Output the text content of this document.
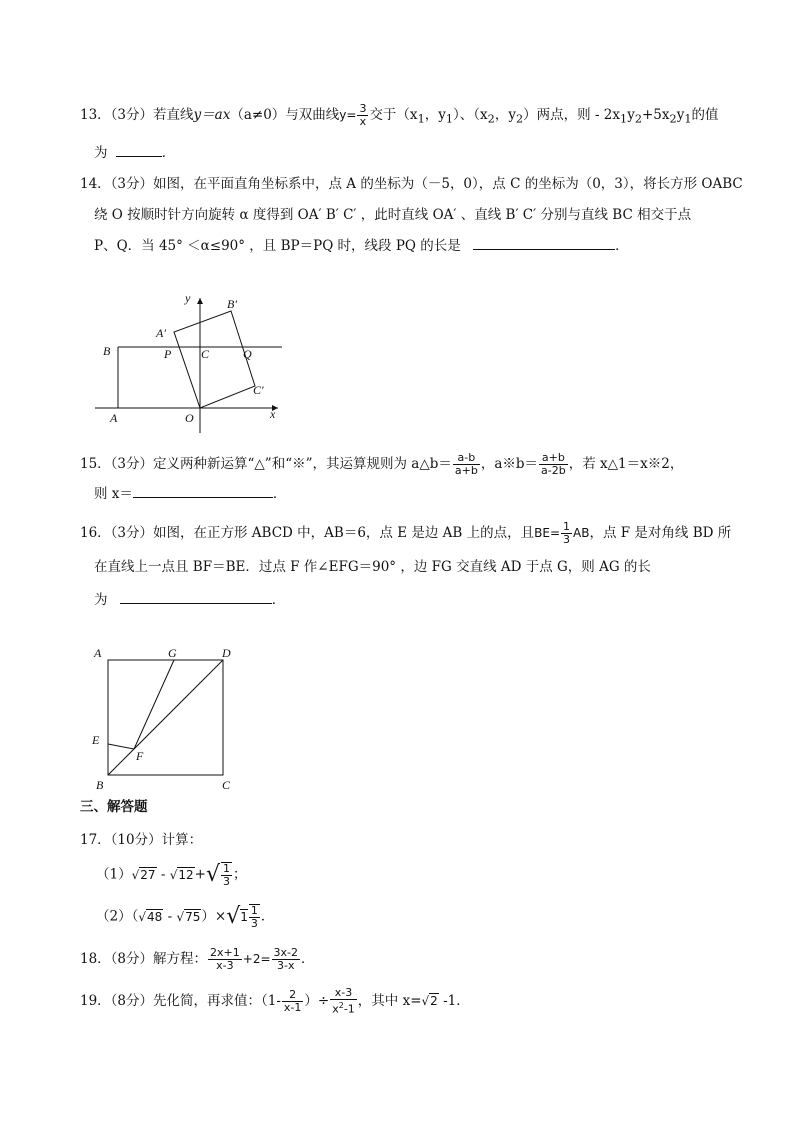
13．（3分）若直线y＝ax（a≠0）与双曲线$y= \frac{3}{x}$ 交于（$x_1$，$y_1$）、（$x_2$，$y_2$）两点，则 - $2x_1y_2+5x_2y_1$的值
为	．
14．（3分）如图，在平面直角坐标系中，点 A 的坐标为（－5，0），点 C 的坐标为（0，3），将长方形 OABC
绕 O 按顺时针方向旋转 α 度得到 OA′ B′ C′ ，此时直线 OA′ 、直线 B′ C′ 分别与直线 BC 相交于点
P、Q．当 45° ＜α≤90° ，且 BP＝PQ 时，线段 PQ 的长是	．
y	B′
A′
B	P C	Q
C′
A	O	x
15．（3分）定义两种新运算“△”和“※”，其运算规则为 a△b＝ $\frac{a-b}{a+b}$ ，a※b＝ $\frac{a+b}{a-2b}$ ，若 x△1＝x※2，
则 x＝	．
16．（3分）如图，在正方形 ABCD 中，AB＝6，点 E 是边 AB 上的点，且$BE= \frac{1}{3}$ AB，点 F 是对角线 BD 所
在直线上一点且 BF＝BE．过点 F 作∠EFG＝90° ，边 FG 交直线 AD 于点 G，则 AG 的长
为	．
A	G	D
E
F
B	C
三、解答题
17．（10分）计算：
$(1)√27 - √12+√ \frac{1}{3}$ ；
$(2)(√48 - √75)\times√1 \frac{1}{3}$ ．
18．（8分）解方程： $\frac{2x+1}{x-3} +2= \frac{3x-2}{3-x}$ ．
19．（8分）先化简，再求值：（$1- \frac{2}{x-1}$ ）÷ $\frac{x-3}{x^2-1}$ ，其中 x=√2 -1．
